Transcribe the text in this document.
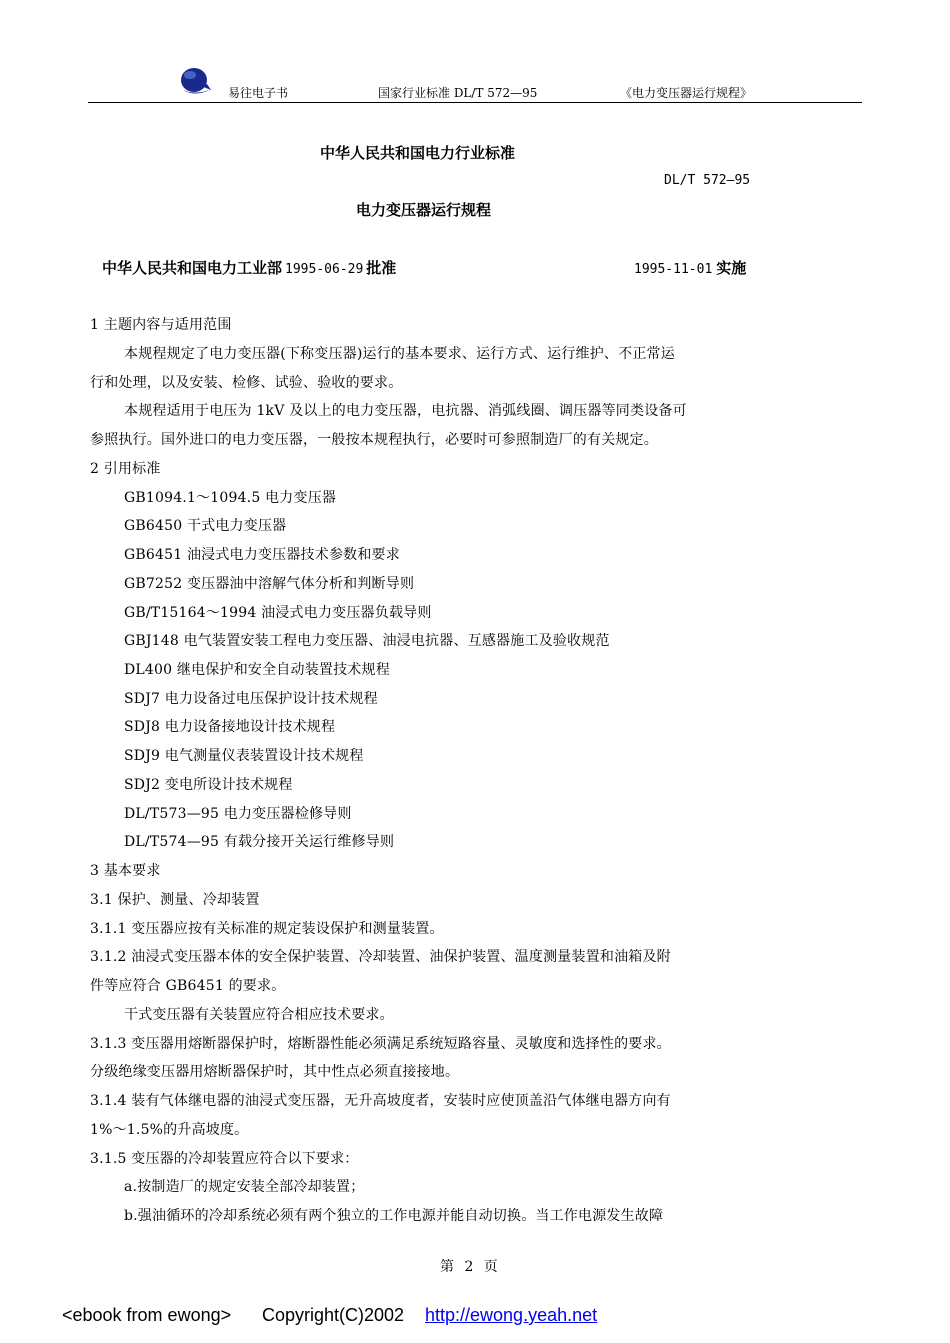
易往电子书	国家行业标准 DL/T 572—95	《电力变压器运行规程》
中华人民共和国电力行业标准
DL/T 572—95
电力变压器运行规程
中华人民共和国电力工业部 1995-06-29 批准	1995-11-01 实施
1 主题内容与适用范围
本规程规定了电力变压器(下称变压器)运行的基本要求、运行方式、运行维护、不正常运
行和处理，以及安装、检修、试验、验收的要求。
本规程适用于电压为 1kV 及以上的电力变压器，电抗器、消弧线圈、调压器等同类设备可
参照执行。国外进口的电力变压器，一般按本规程执行，必要时可参照制造厂的有关规定。
2 引用标准
GB1094.1～1094.5 电力变压器
GB6450 干式电力变压器
GB6451 油浸式电力变压器技术参数和要求
GB7252 变压器油中溶解气体分析和判断导则
GB/T15164～1994 油浸式电力变压器负载导则
GBJ148 电气装置安装工程电力变压器、油浸电抗器、互感器施工及验收规范
DL400 继电保护和安全自动装置技术规程
SDJ7 电力设备过电压保护设计技术规程
SDJ8 电力设备接地设计技术规程
SDJ9 电气测量仪表装置设计技术规程
SDJ2 变电所设计技术规程
DL/T573—95 电力变压器检修导则
DL/T574—95 有载分接开关运行维修导则
3 基本要求
3.1 保护、测量、冷却装置
3.1.1 变压器应按有关标准的规定装设保护和测量装置。
3.1.2 油浸式变压器本体的安全保护装置、冷却装置、油保护装置、温度测量装置和油箱及附
件等应符合 GB6451 的要求。
干式变压器有关装置应符合相应技术要求。
3.1.3 变压器用熔断器保护时，熔断器性能必须满足系统短路容量、灵敏度和选择性的要求。
分级绝缘变压器用熔断器保护时，其中性点必须直接接地。
3.1.4 装有气体继电器的油浸式变压器，无升高坡度者，安装时应使顶盖沿气体继电器方向有
1%～1.5%的升高坡度。
3.1.5 变压器的冷却装置应符合以下要求：
a.按制造厂的规定安装全部冷却装置；
b.强油循环的冷却系统必须有两个独立的工作电源并能自动切换。当工作电源发生故障
第 2 页
<ebook from ewong> Copyright(C)2002 http://ewong.yeah.net
